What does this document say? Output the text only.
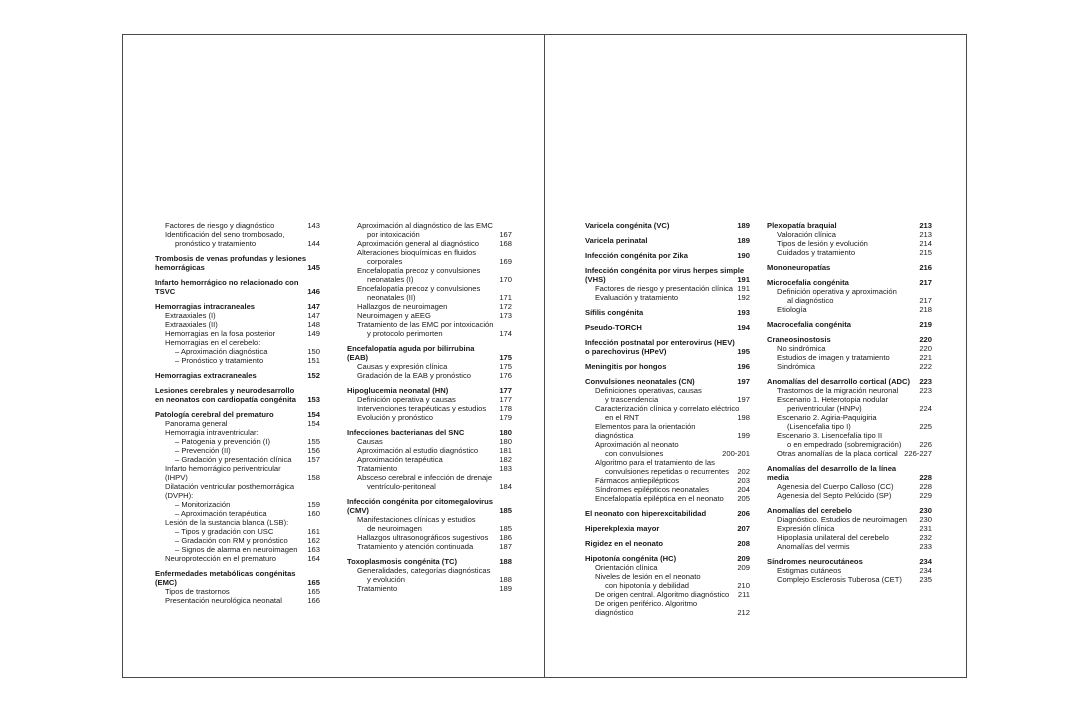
Factores de riesgo y diagnóstico	143
Identificación del seno trombosado,
pronóstico y tratamiento	144
Trombosis de venas profundas y lesiones
hemorrágicas	145
Infarto hemorrágico no relacionado con TSVC	146
Hemorragias intracraneales	147
Extraaxiales (I)	147
Extraaxiales (II)	148
Hemorragias en la fosa posterior	149
Hemorragias en el cerebelo:
– Aproximación diagnóstica	150
– Pronóstico y tratamiento	151
Hemorragias extracraneales	152
Lesiones cerebrales y neurodesarrollo
en neonatos con cardiopatía congénita	153
Patología cerebral del prematuro	154
Panorama general	154
Hemorragia intraventricular:
– Patogenia y prevención (I)	155
– Prevención (II)	156
– Gradación y presentación clínica	157
Infarto hemorrágico periventricular (IHPV)	158
Dilatación ventricular posthemorrágica
(DVPH):
– Monitorización	159
– Aproximación terapéutica	160
Lesión de la sustancia blanca (LSB):
– Tipos y gradación con USC	161
– Gradación con RM y pronóstico	162
– Signos de alarma en neuroimagen	163
Neuroprotección en el prematuro	164
Enfermedades metabólicas congénitas (EMC)	165
Tipos de trastornos	165
Presentación neurológica neonatal	166
Aproximación al diagnóstico de las EMC
por intoxicación	167
Aproximación general al diagnóstico	168
Alteraciones bioquímicas en fluidos
corporales	169
Encefalopatía precoz y convulsiones
neonatales (I)	170
Encefalopatía precoz y convulsiones
neonatales (II)	171
Hallazgos de neuroimagen	172
Neuroimagen y aEEG	173
Tratamiento de las EMC por intoxicación
y protocolo perimorten	174
Encefalopatía aguda por bilirrubina (EAB)	175
Causas y expresión clínica	175
Gradación de la EAB y pronóstico	176
Hipoglucemia neonatal (HN)	177
Definición operativa y causas	177
Intervenciones terapéuticas y estudios	178
Evolución y pronóstico	179
Infecciones bacterianas del SNC	180
Causas	180
Aproximación al estudio diagnóstico	181
Aproximación terapéutica	182
Tratamiento	183
Absceso cerebral e infección de drenaje
ventrículo-peritoneal	184
Infección congénita por citomegalovirus
(CMV)	185
Manifestaciones clínicas y estudios
de neuroimagen	185
Hallazgos ultrasonográficos sugestivos	186
Tratamiento y atención continuada	187
Toxoplasmosis congénita (TC)	188
Generalidades, categorías diagnósticas
y evolución	188
Tratamiento	189
Varicela congénita (VC)	189
Varicela perinatal	189
Infección congénita por Zika	190
Infección congénita por virus herpes simple
(VHS)	191
Factores de riesgo y presentación clínica 191
Evaluación y tratamiento	192
Sífilis congénita	193
Pseudo-TORCH	194
Infección postnatal por enterovirus (HEV)
o parechovirus (HPeV)	195
Meningitis por hongos	196
Convulsiones neonatales (CN)	197
Definiciones operativas, causas
y trascendencia	197
Caracterización clínica y correlato eléctrico
en el RNT	198
Elementos para la orientación diagnóstica	199
Aproximación al neonato
con convulsiones	200-201
Algoritmo para el tratamiento de las
convulsiones repetidas o recurrentes	202
Fármacos antiepilépticos	203
Síndromes epilépticos neonatales	204
Encefalopatía epiléptica en el neonato	205
El neonato con hiperexcitabilidad	206
Hiperekplexia mayor	207
Rigidez en el neonato	208
Hipotonía congénita (HC)	209
Orientación clínica	209
Niveles de lesión en el neonato
con hipotonía y debilidad	210
De origen central. Algoritmo diagnóstico	211
De origen periférico. Algoritmo diagnóstico	212
Plexopatía braquial	213
Valoración clínica	213
Tipos de lesión y evolución	214
Cuidados y tratamiento	215
Mononeuropatías	216
Microcefalia congénita	217
Definición operativa y aproximación
al diagnóstico	217
Etiología	218
Macrocefalia congénita	219
Craneosinostosis	220
No sindrómica	220
Estudios de imagen y tratamiento	221
Sindrómica	222
Anomalías del desarrollo cortical (ADC)	223
Trastornos de la migración neuronal	223
Escenario 1. Heterotopia nodular
periventricular (HNPv)	224
Escenario 2. Agiria-Paquigiria
(Lisencefalia tipo I)	225
Escenario 3. Lisencefalia tipo II
o en empedrado (sobremigración)	226
Otras anomalías de la placa cortical 226-227
Anomalías del desarrollo de la línea media	228
Agenesia del Cuerpo Calloso (CC)	228
Agenesia del Septo Pelúcido (SP)	229
Anomalías del cerebelo	230
Diagnóstico. Estudios de neuroimagen	230
Expresión clínica	231
Hipoplasia unilateral del cerebelo	232
Anomalías del vermis	233
Síndromes neurocutáneos	234
Estigmas cutáneos	234
Complejo Esclerosis Tuberosa (CET)	235
